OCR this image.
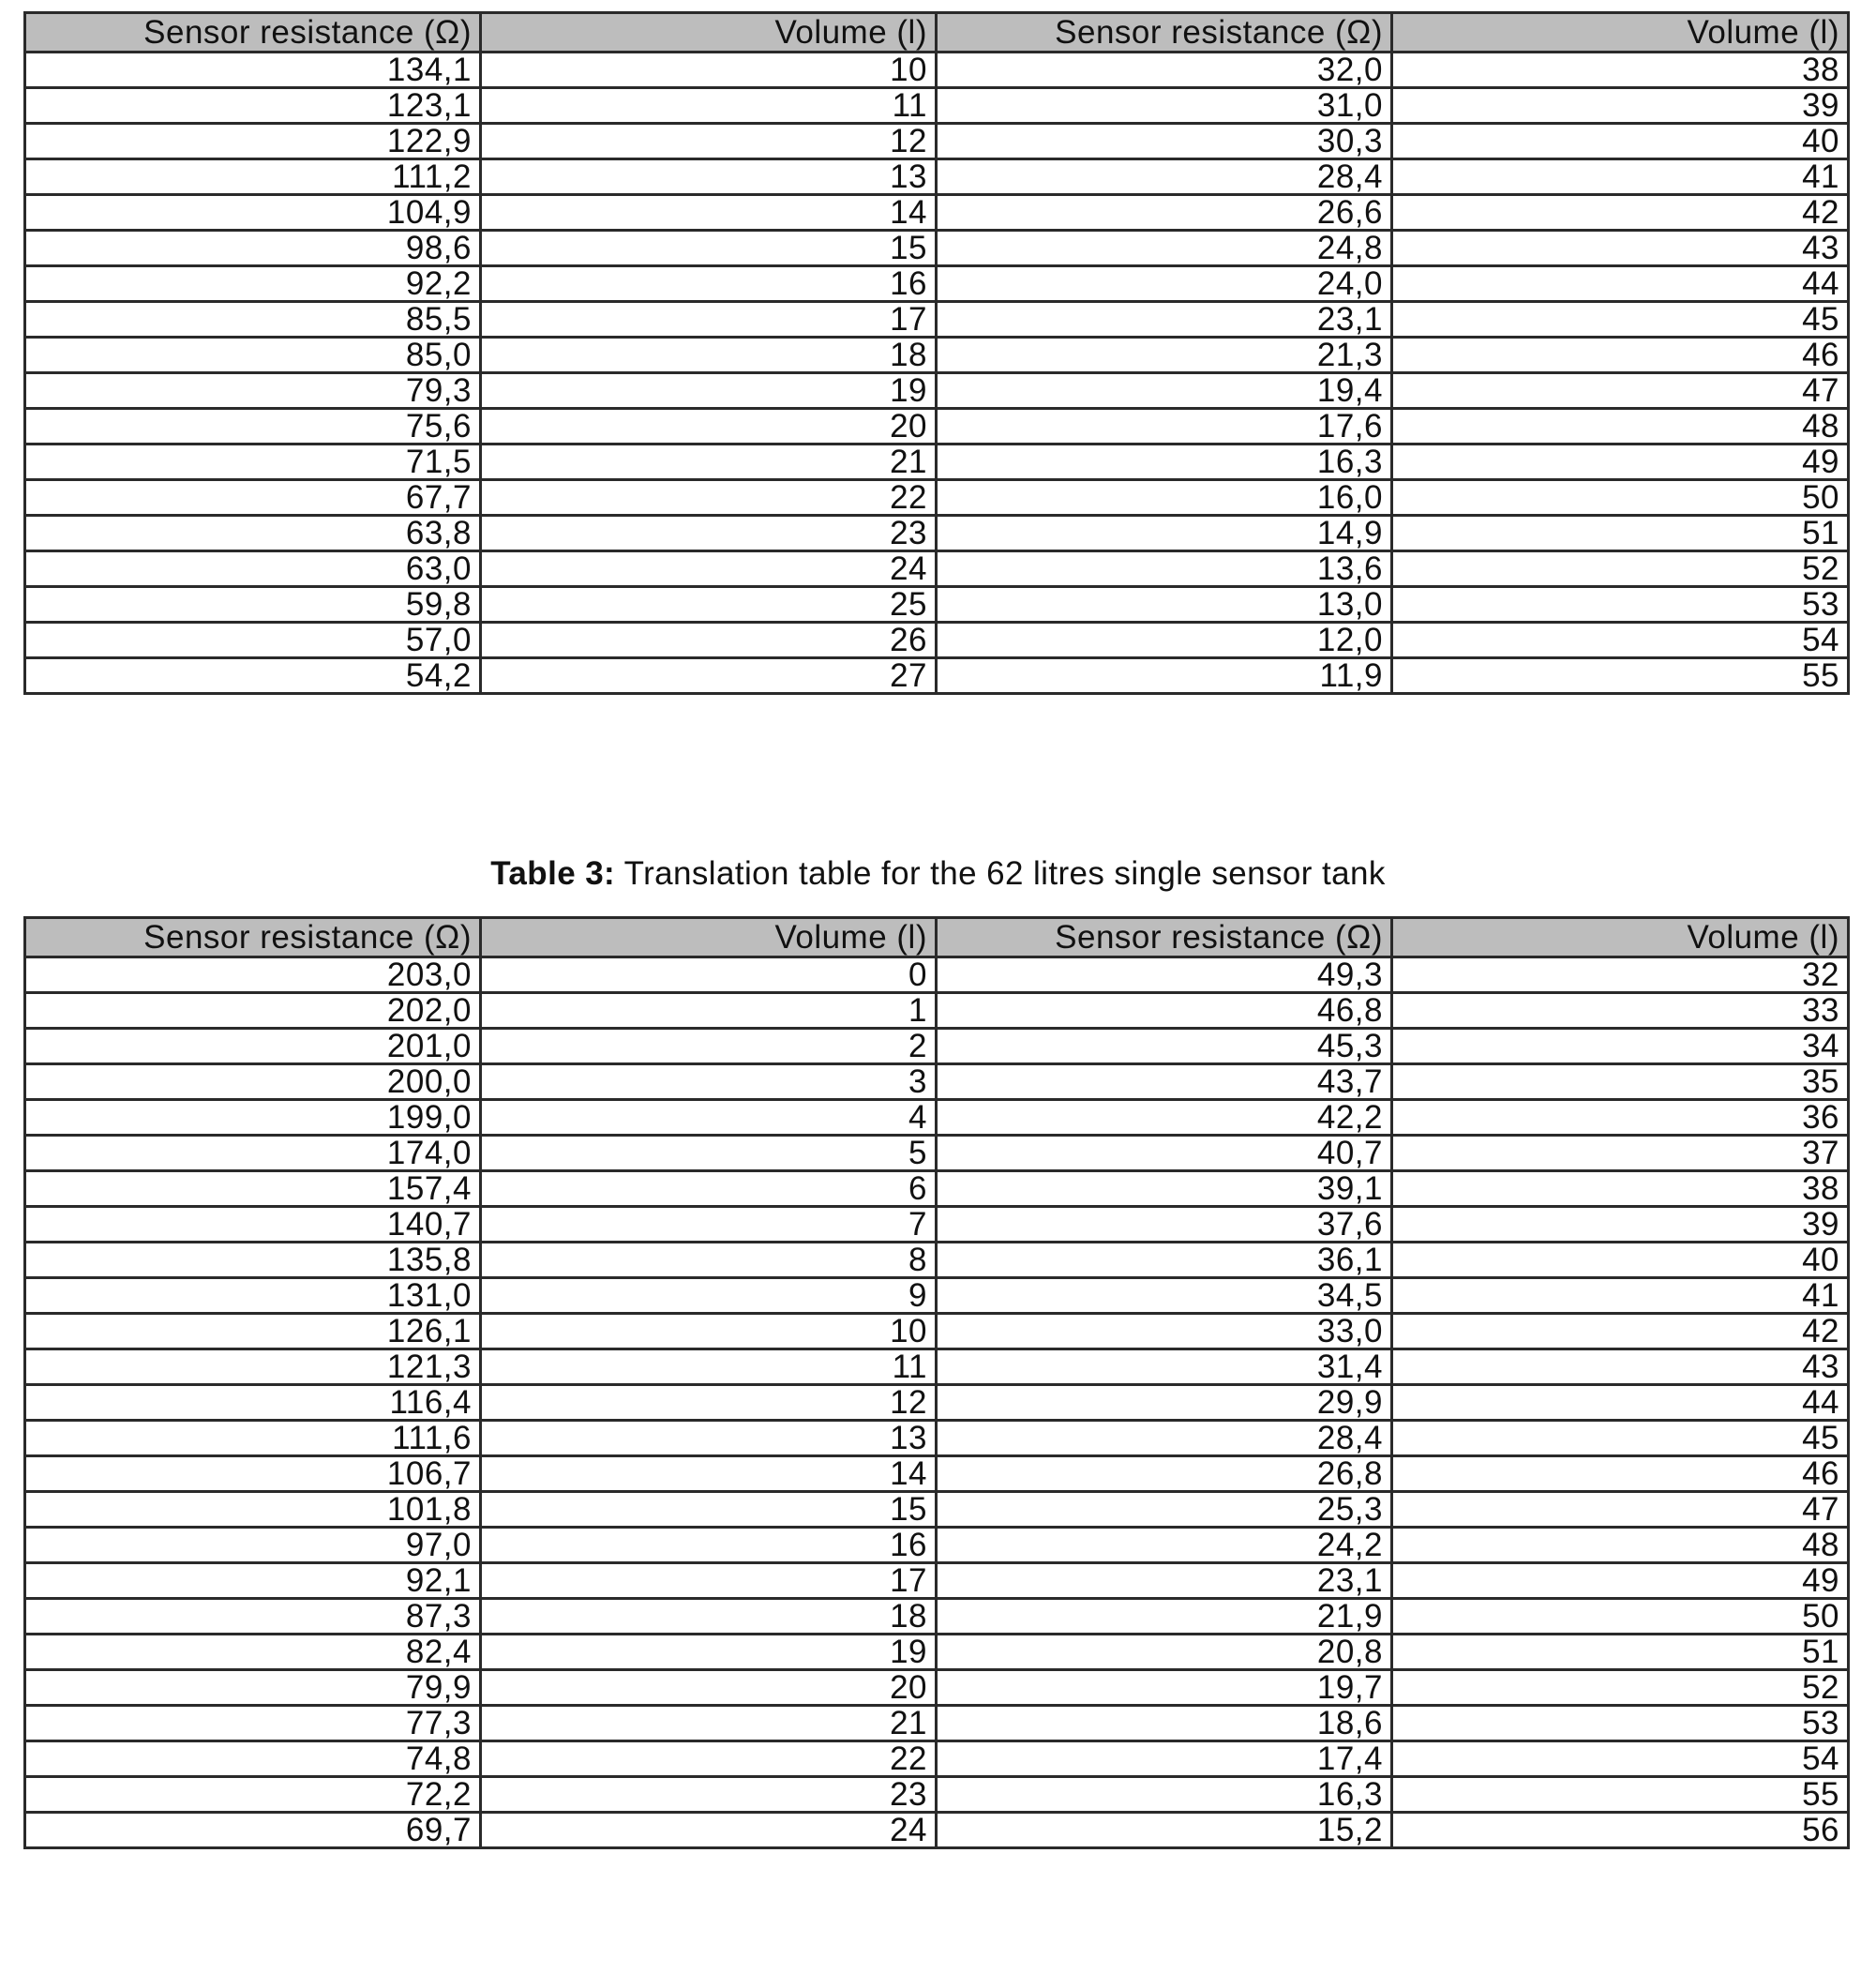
Sensor resistance (Ω)	Volume (l)	Sensor resistance (Ω)	Volume (l)
134,1	10	32,0	38
123,1	11	31,0	39
122,9	12	30,3	40
111,2	13	28,4	41
104,9	14	26,6	42
98,6	15	24,8	43
92,2	16	24,0	44
85,5	17	23,1	45
85,0	18	21,3	46
79,3	19	19,4	47
75,6	20	17,6	48
71,5	21	16,3	49
67,7	22	16,0	50
63,8	23	14,9	51
63,0	24	13,6	52
59,8	25	13,0	53
57,0	26	12,0	54
54,2	27	11,9	55
Table 3: Translation table for the 62 litres single sensor tank
Sensor resistance (Ω)	Volume (l)	Sensor resistance (Ω)	Volume (l)
203,0	0	49,3	32
202,0	1	46,8	33
201,0	2	45,3	34
200,0	3	43,7	35
199,0	4	42,2	36
174,0	5	40,7	37
157,4	6	39,1	38
140,7	7	37,6	39
135,8	8	36,1	40
131,0	9	34,5	41
126,1	10	33,0	42
121,3	11	31,4	43
116,4	12	29,9	44
111,6	13	28,4	45
106,7	14	26,8	46
101,8	15	25,3	47
97,0	16	24,2	48
92,1	17	23,1	49
87,3	18	21,9	50
82,4	19	20,8	51
79,9	20	19,7	52
77,3	21	18,6	53
74,8	22	17,4	54
72,2	23	16,3	55
69,7	24	15,2	56
